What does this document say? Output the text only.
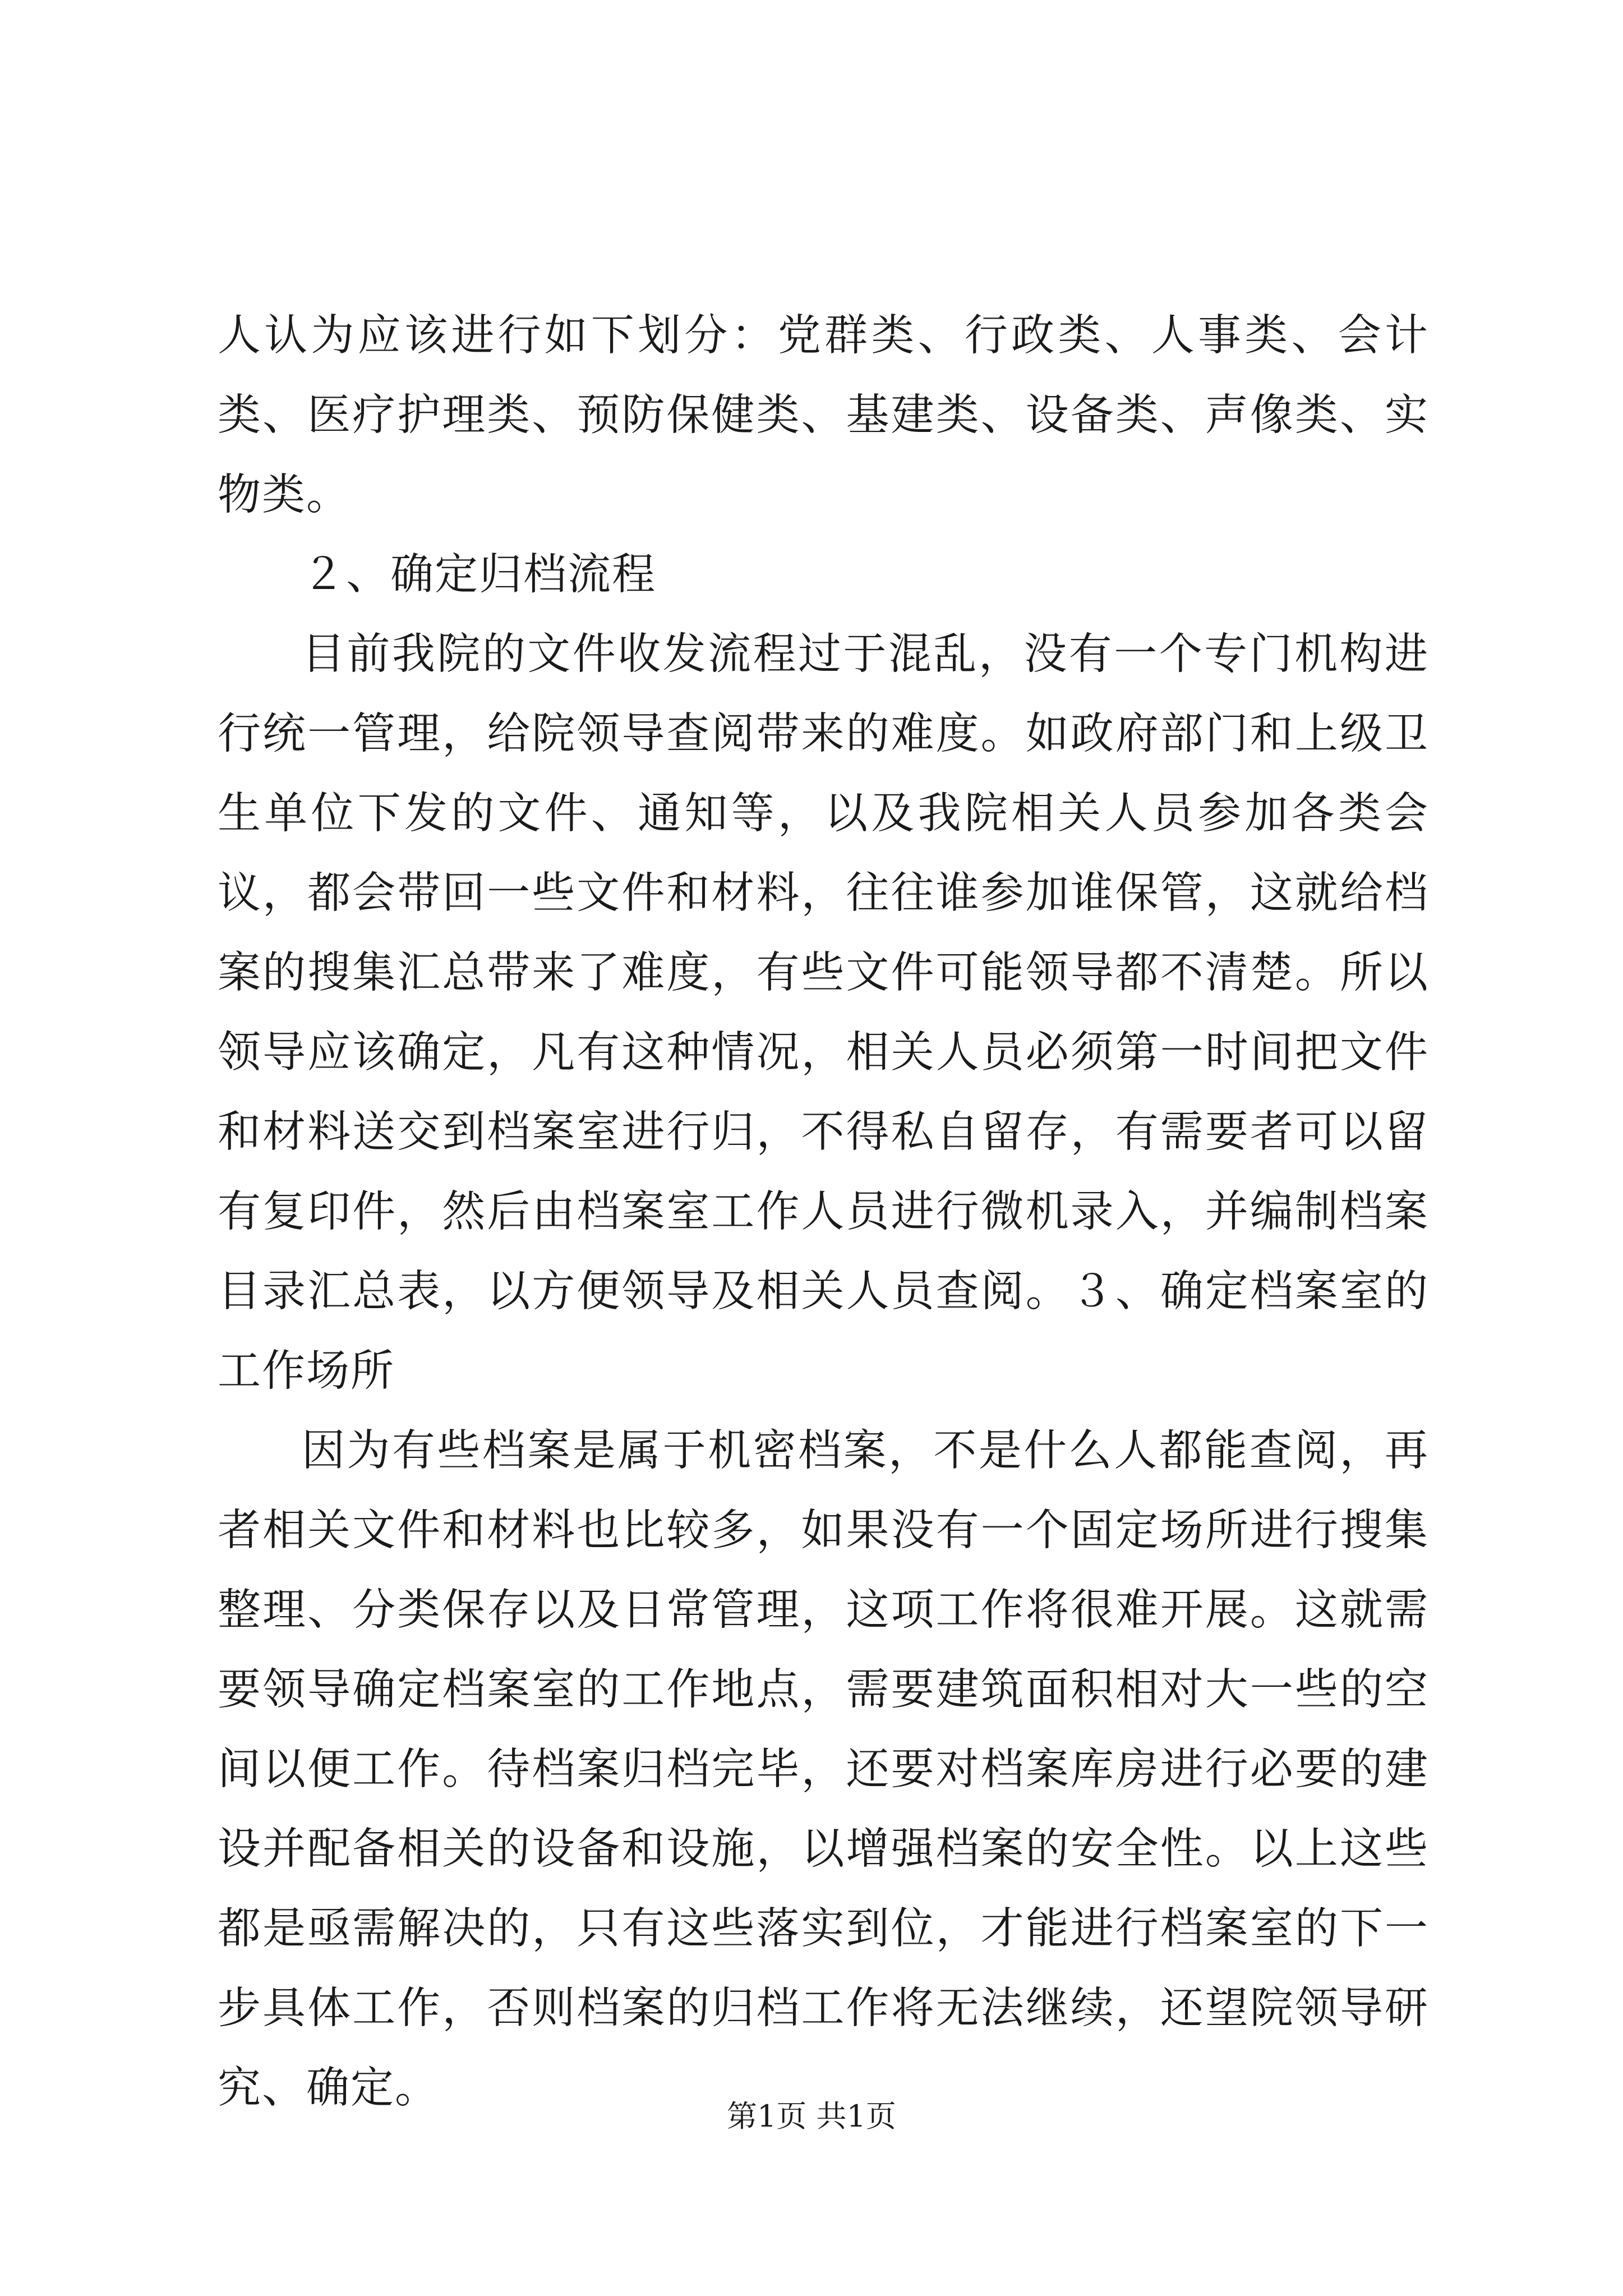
人认为应该进行如下划分：党群类、行政类、人事类、会计类、医疗护理类、预防保健类、基建类、设备类、声像类、实物类。

２、确定归档流程

目前我院的文件收发流程过于混乱，没有一个专门机构进行统一管理，给院领导查阅带来的难度。如政府部门和上级卫生单位下发的文件、通知等，以及我院相关人员参加各类会议，都会带回一些文件和材料，往往谁参加谁保管，这就给档案的搜集汇总带来了难度，有些文件可能领导都不清楚。所以领导应该确定，凡有这种情况，相关人员必须第一时间把文件和材料送交到档案室进行归，不得私自留存，有需要者可以留有复印件，然后由档案室工作人员进行微机录入，并编制档案目录汇总表，以方便领导及相关人员查阅。３、确定档案室的工作场所

因为有些档案是属于机密档案，不是什么人都能查阅，再者相关文件和材料也比较多，如果没有一个固定场所进行搜集整理、分类保存以及日常管理，这项工作将很难开展。这就需要领导确定档案室的工作地点，需要建筑面积相对大一些的空间以便工作。待档案归档完毕，还要对档案库房进行必要的建设并配备相关的设备和设施，以增强档案的安全性。以上这些都是亟需解决的，只有这些落实到位，才能进行档案室的下一步具体工作，否则档案的归档工作将无法继续，还望院领导研究、确定。

第1页 共1页
